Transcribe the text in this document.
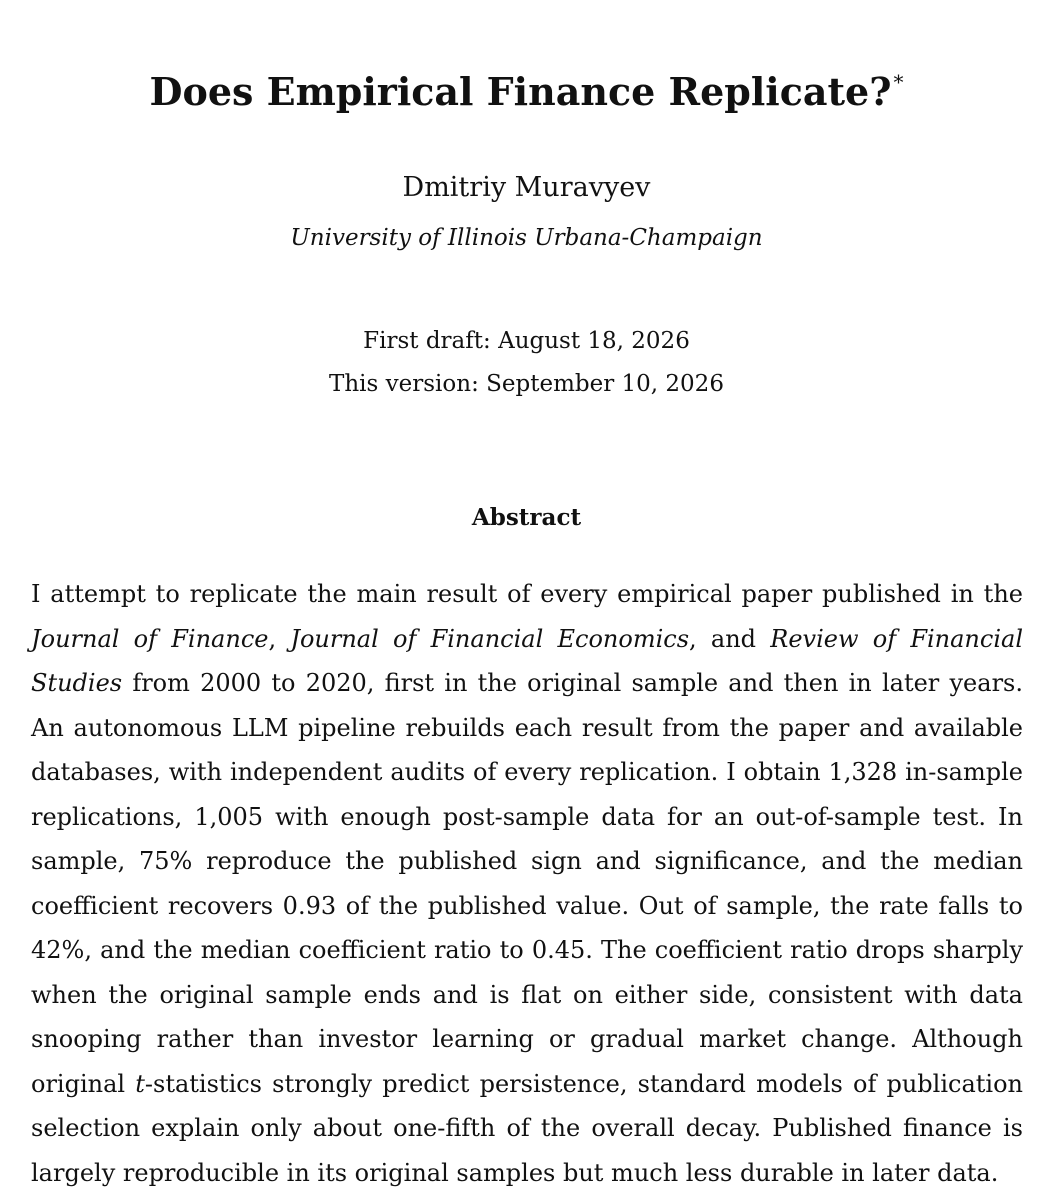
Does Empirical Finance Replicate? *
Dmitriy Muravyev
University of Illinois Urbana-Champaign
First draft: August 18, 2026
This version: September 10, 2026
Abstract

I attempt to replicate the main result of every empirical paper published in the Journal of Finance, Journal of Financial Economics, and Review of Financial Studies from 2000 to 2020, first in the original sample and then in later years. An autonomous LLM pipeline rebuilds each result from the paper and available databases, with independent audits of every replication. I obtain 1,328 in-sample replications, 1,005 with enough post-sample data for an out-of-sample test. In sample, 75% reproduce the published sign and significance, and the median coefficient recovers 0.93 of the published value. Out of sample, the rate falls to 42%, and the median coefficient ratio to 0.45. The coefficient ratio drops sharply when the original sample ends and is flat on either side, consistent with data snooping rather than investor learning or gradual market change. Although original t-statistics strongly predict persistence, standard models of publication selection explain only about one-fifth of the overall decay. Published finance is largely reproducible in its original samples but much less durable in later data.
